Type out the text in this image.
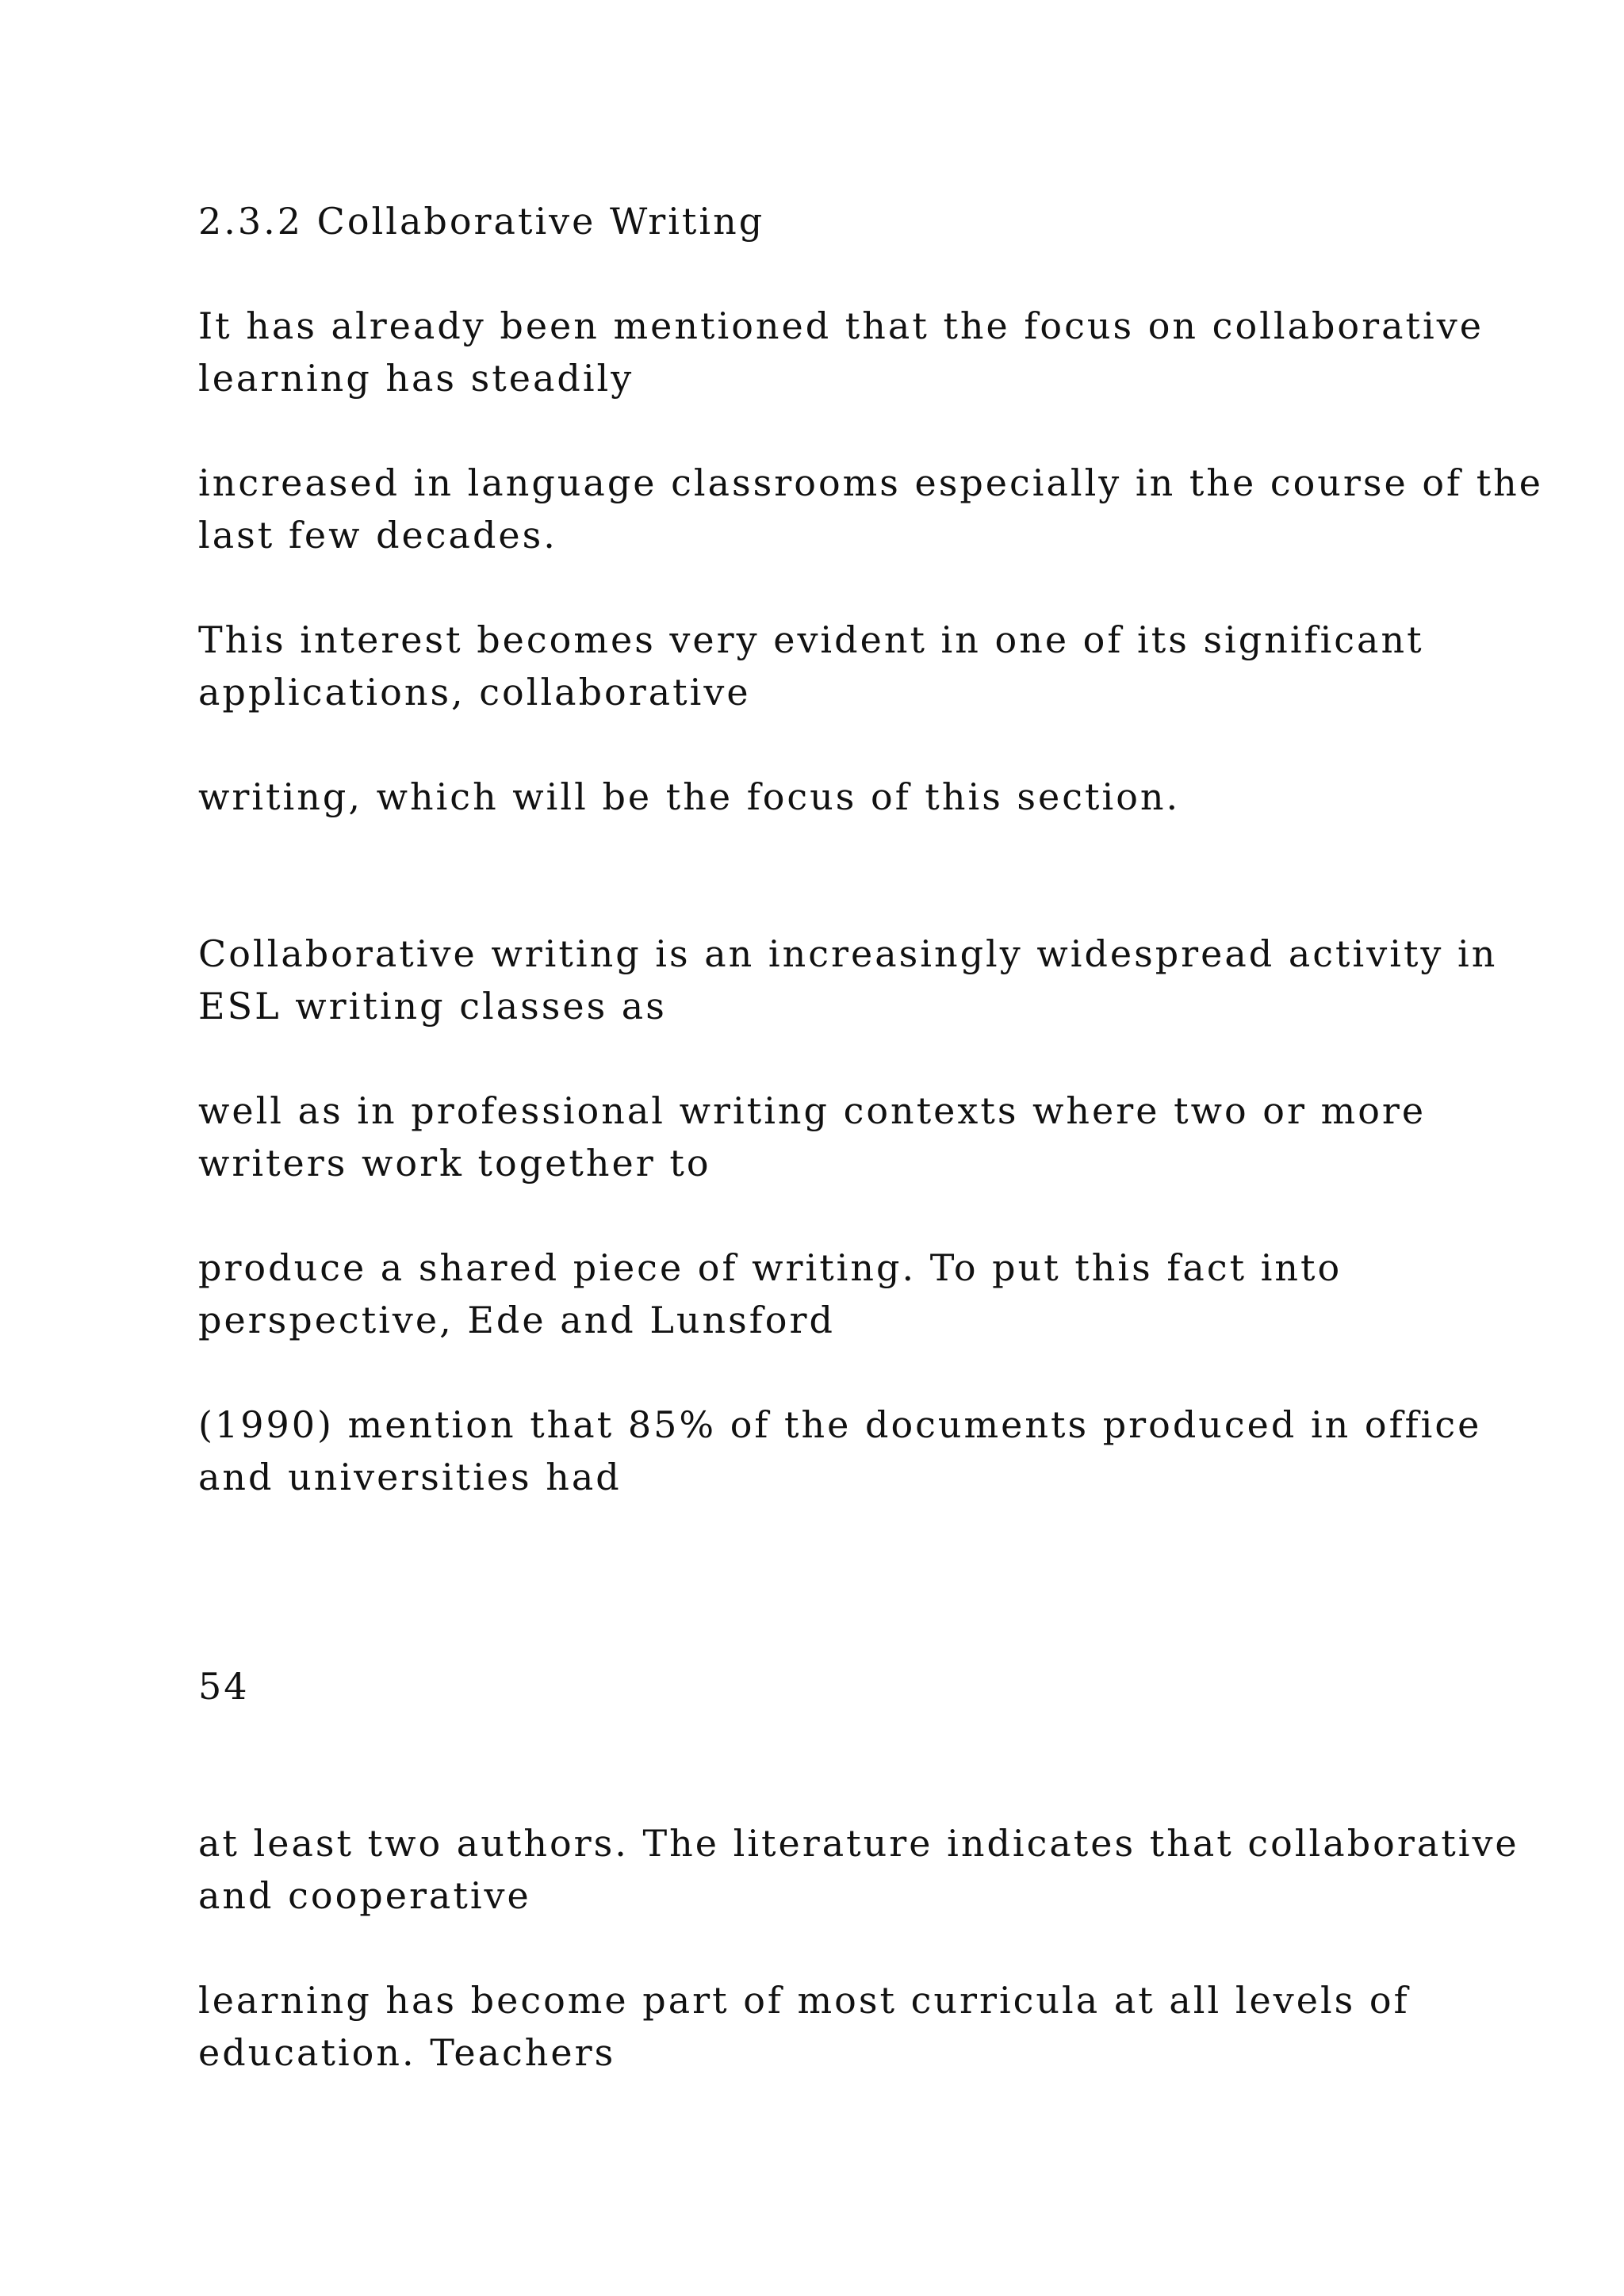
2.3.2 Collaborative Writing

It has already been mentioned that the focus on collaborative

learning has steadily

increased in language classrooms especially in the course of the

last few decades.

This interest becomes very evident in one of its significant

applications, collaborative

writing, which will be the focus of this section.

Collaborative writing is an increasingly widespread activity in

ESL writing classes as

well as in professional writing contexts where two or more

writers work together to

produce a shared piece of writing. To put this fact into

perspective, Ede and Lunsford

(1990) mention that 85% of the documents produced in office

and universities had

54

at least two authors. The literature indicates that collaborative

and cooperative

learning has become part of most curricula at all levels of

education. Teachers
